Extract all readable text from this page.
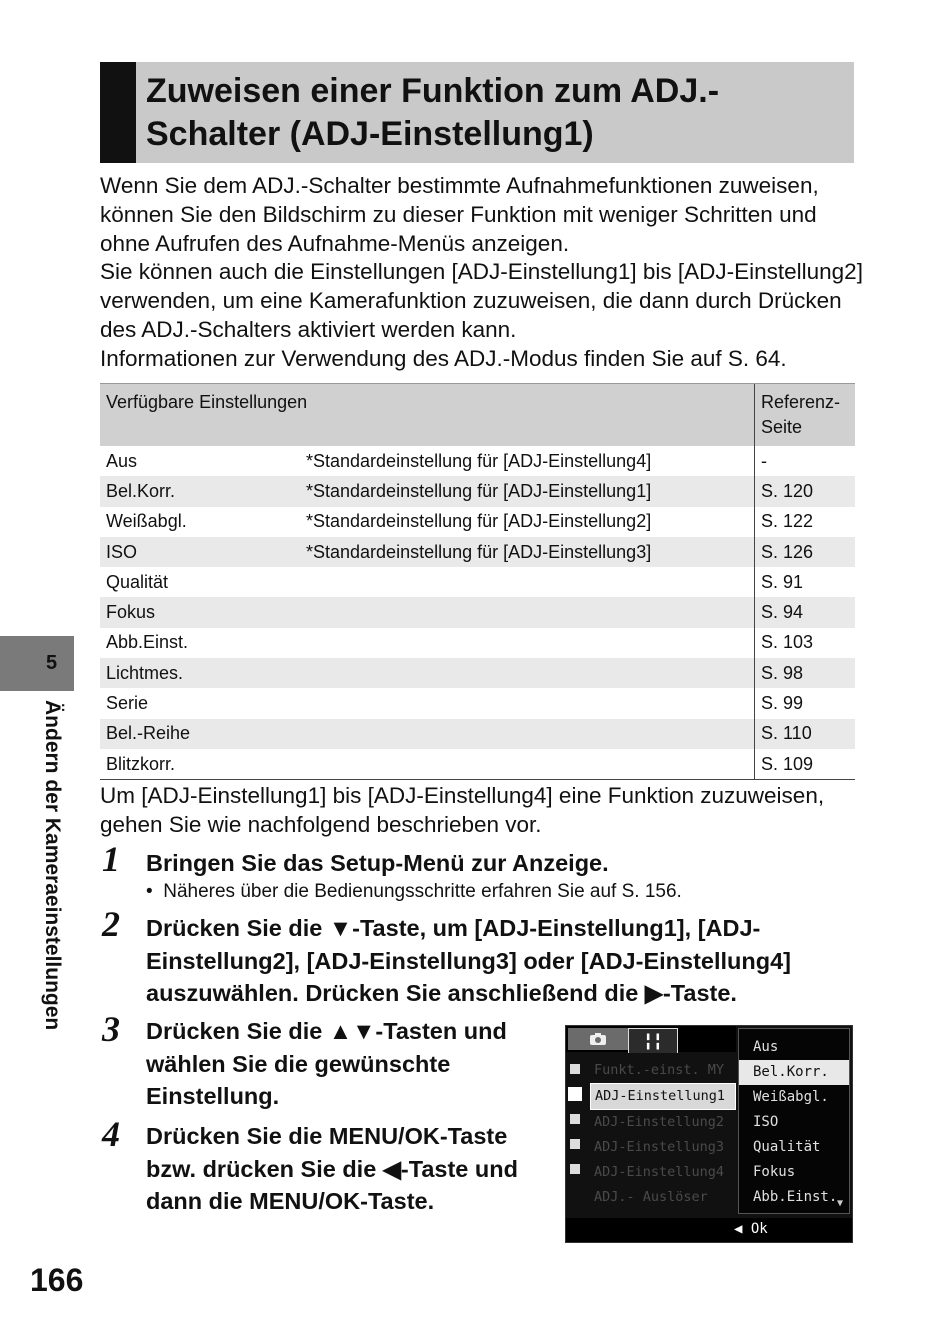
Zuweisen einer Funktion zum ADJ.-
Schalter (ADJ-Einstellung1)

Wenn Sie dem ADJ.-Schalter bestimmte Aufnahmefunktionen zuweisen, können Sie den Bildschirm zu dieser Funktion mit weniger Schritten und ohne Aufrufen des Aufnahme-Menüs anzeigen.

Sie können auch die Einstellungen [ADJ-Einstellung1] bis [ADJ-Einstellung2] verwenden, um eine Kamerafunktion zuzuweisen, die dann durch Drücken des ADJ.-Schalters aktiviert werden kann.

Informationen zur Verwendung des ADJ.-Modus finden Sie auf S. 64.

Verfügbare Einstellungen		Referenz-
Seite

Aus	*Standardeinstellung für [ADJ-Einstellung4]	-
Bel.Korr.	*Standardeinstellung für [ADJ-Einstellung1]	S. 120
Weißabgl.	*Standardeinstellung für [ADJ-Einstellung2]	S. 122
ISO	*Standardeinstellung für [ADJ-Einstellung3]	S. 126
Qualität		S. 91
Fokus		S. 94
Abb.Einst.		S. 103
Lichtmes.		S. 98
Serie		S. 99
Bel.-Reihe		S. 110
Blitzkorr.		S. 109
Um [ADJ-Einstellung1] bis [ADJ-Einstellung4] eine Funktion zuzuweisen, gehen Sie wie nachfolgend beschrieben vor.
1 Bringen Sie das Setup-Menü zur Anzeige.
•  Näheres über die Bedienungsschritte erfahren Sie auf S. 156.
2 Drücken Sie die ▼-Taste, um [ADJ-Einstellung1], [ADJ-Einstellung2], [ADJ-Einstellung3] oder [ADJ-Einstellung4] auszuwählen. Drücken Sie anschließend die ▶-Taste.
3 Drücken Sie die ▲▼-Tasten und wählen Sie die gewünschte Einstellung.
4 Drücken Sie die MENU/OK-Taste bzw. drücken Sie die ◀-Taste und dann die MENU/OK-Taste.
╏╏
Funkt.-einst. MY
ADJ-Einstellung1
ADJ-Einstellung2
ADJ-Einstellung3
ADJ-Einstellung4
ADJ.- Auslöser
Aus
Bel.Korr.
Weißabgl.
ISO
Qualität
Fokus
Abb.Einst. ▼
◀ Ok
5
Ändern der Kameraeinstellungen
166
